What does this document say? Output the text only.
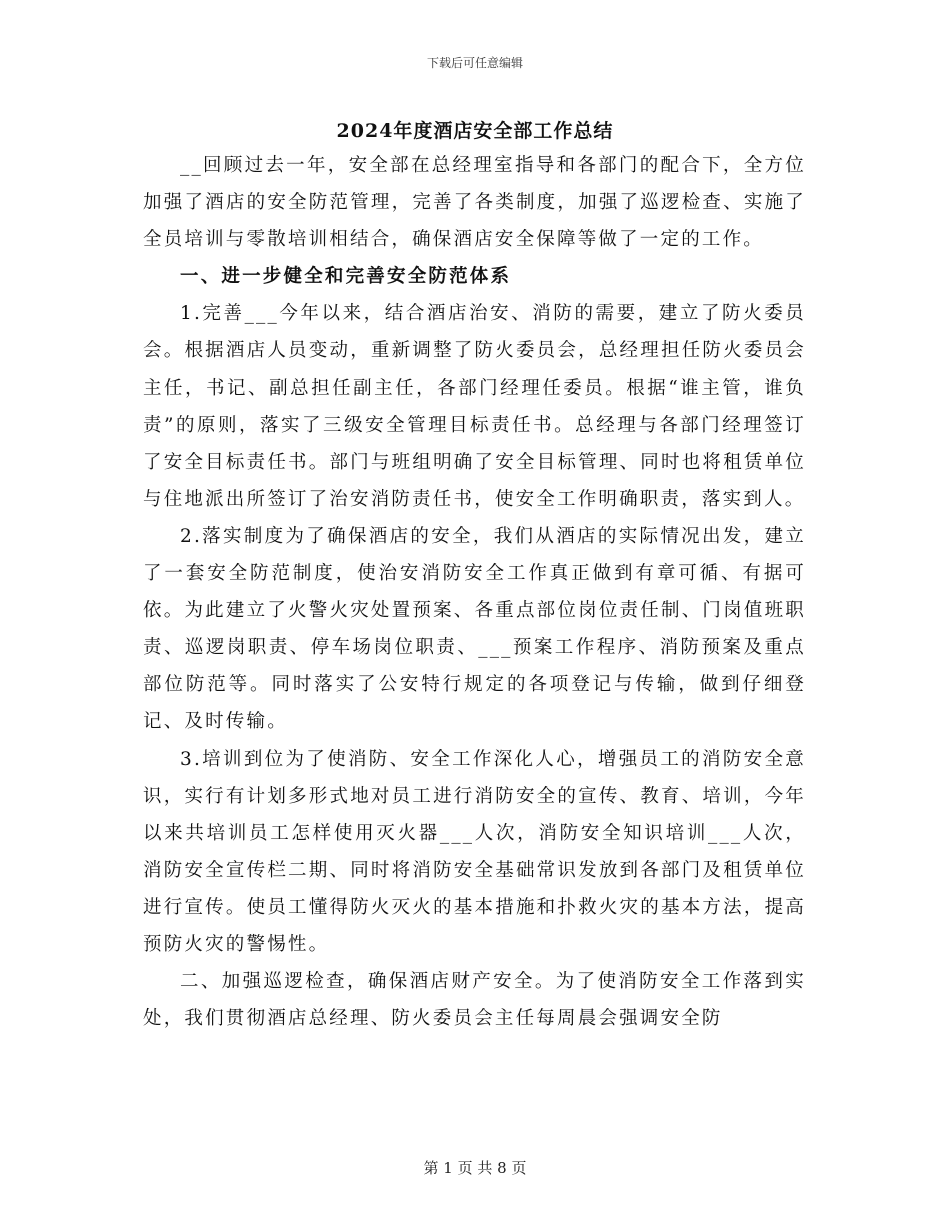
下载后可任意编辑
2024年度酒店安全部工作总结

__回顾过去一年，安全部在总经理室指导和各部门的配合下，全方位加强了酒店的安全防范管理，完善了各类制度，加强了巡逻检查、实施了全员培训与零散培训相结合，确保酒店安全保障等做了一定的工作。

一、进一步健全和完善安全防范体系

1.完善___今年以来，结合酒店治安、消防的需要，建立了防火委员会。根据酒店人员变动，重新调整了防火委员会，总经理担任防火委员会主任，书记、副总担任副主任，各部门经理任委员。根据“谁主管，谁负责”的原则，落实了三级安全管理目标责任书。总经理与各部门经理签订了安全目标责任书。部门与班组明确了安全目标管理、同时也将租赁单位与住地派出所签订了治安消防责任书，使安全工作明确职责，落实到人。

2.落实制度为了确保酒店的安全，我们从酒店的实际情况出发，建立了一套安全防范制度，使治安消防安全工作真正做到有章可循、有据可依。为此建立了火警火灾处置预案、各重点部位岗位责任制、门岗值班职责、巡逻岗职责、停车场岗位职责、___预案工作程序、消防预案及重点部位防范等。同时落实了公安特行规定的各项登记与传输，做到仔细登记、及时传输。

3.培训到位为了使消防、安全工作深化人心，增强员工的消防安全意识，实行有计划多形式地对员工进行消防安全的宣传、教育、培训，今年以来共培训员工怎样使用灭火器___人次，消防安全知识培训___人次，消防安全宣传栏二期、同时将消防安全基础常识发放到各部门及租赁单位进行宣传。使员工懂得防火灭火的基本措施和扑救火灾的基本方法，提高预防火灾的警惕性。

二、加强巡逻检查，确保酒店财产安全。为了使消防安全工作落到实处，我们贯彻酒店总经理、防火委员会主任每周晨会强调安全防

第 1 页 共 8 页
